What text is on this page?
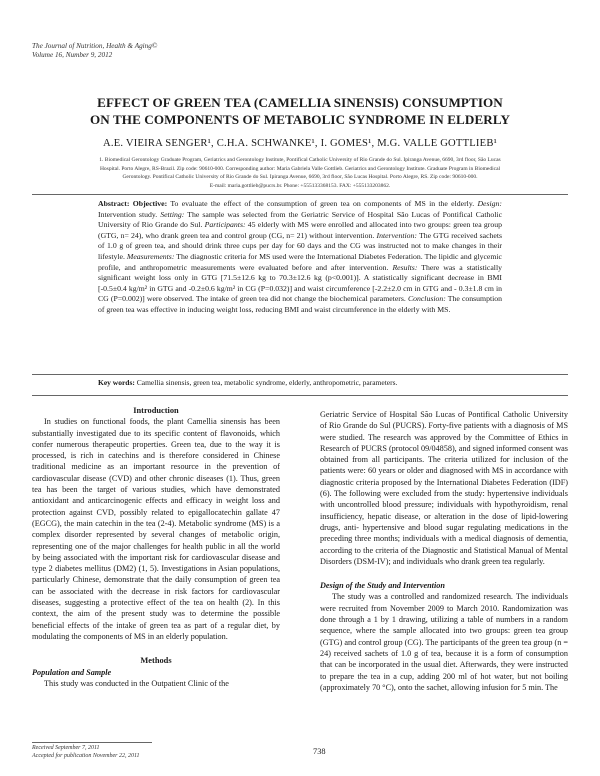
The Journal of Nutrition, Health & Aging©
Volume 16, Number 9, 2012
EFFECT OF GREEN TEA (CAMELLIA SINENSIS) CONSUMPTION
ON THE COMPONENTS OF METABOLIC SYNDROME IN ELDERLY
A.E. VIEIRA SENGER¹, C.H.A. SCHWANKE¹, I. GOMES¹, M.G. VALLE GOTTLIEB¹
1. Biomedical Gerontology Graduate Program, Geriatrics and Gerontology Institute, Pontifical Catholic University of Rio Grande do Sul. Ipiranga Avenue, 6690, 3rd floor, São Lucas
Hospital. Porto Alegre, RS-Brazil. Zip code: 90610-000. Corresponding author: Maria Gabriela Valle Gottlieb. Geriatrics and Gerontology Institute. Graduate Program in Biomedical
Gerontology. Pontifical Catholic University of Rio Grande do Sul. Ipiranga Avenue, 6690, 3rd floor, São Lucas Hospital. Porto Alegre, RS. Zip code: 90610-000.
E-mail: maria.gottlieb@pucrs.br. Phone: +555133368153. FAX: +555133203862.
Abstract: Objective: To evaluate the effect of the consumption of green tea on components of MS in the elderly. Design: Intervention study. Setting: The sample was selected from the Geriatric Service of Hospital São Lucas of Pontifical Catholic University of Rio Grande do Sul. Participants: 45 elderly with MS were enrolled and allocated into two groups: green tea group (GTG, n= 24), who drank green tea and control group (CG, n= 21) without intervention. Intervention: The GTG received sachets of 1.0 g of green tea, and should drink three cups per day for 60 days and the CG was instructed not to make changes in their lifestyle. Measurements: The diagnostic criteria for MS used were the International Diabetes Federation. The lipidic and glycemic profile, and anthropometric measurements were evaluated before and after intervention. Results: There was a statistically significant weight loss only in GTG [71.5±12.6 kg to 70.3±12.6 kg (p<0.001)]. A statistically significant decrease in BMI [-0.5±0.4 kg/m² in GTG and -0.2±0.6 kg/m² in CG (P=0.032)] and waist circumference [-2.2±2.0 cm in GTG and - 0.3±1.8 cm in CG (P=0.002)] were observed. The intake of green tea did not change the biochemical parameters. Conclusion: The consumption of green tea was effective in inducing weight loss, reducing BMI and waist circumference in the elderly with MS.
Key words: Camellia sinensis, green tea, metabolic syndrome, elderly, anthropometric, parameters.

Introduction

In studies on functional foods, the plant Camellia sinensis has been substantially investigated due to its specific content of flavonoids, which confer numerous therapeutic properties. Green tea, due to the way it is processed, is rich in catechins and is therefore considered in Chinese traditional medicine as an important resource in the prevention of cardiovascular disease (CVD) and other chronic diseases (1). Thus, green tea has been the target of various studies, which have demonstrated antioxidant and anticarcinogenic effects and efficacy in weight loss and protection against CVD, possibly related to epigallocatechin gallate 47 (EGCG), the main catechin in the tea (2-4). Metabolic syndrome (MS) is a complex disorder represented by several changes of metabolic origin, representing one of the major challenges for health public in all the world by being associated with the important risk for cardiovascular disease and type 2 diabetes mellitus (DM2) (1, 5). Investigations in Asian populations, particularly Chinese, demonstrate that the daily consumption of green tea can be associated with the decrease in risk factors for cardiovascular diseases, suggesting a protective effect of the tea on health (2). In this context, the aim of the present study was to determine the possible beneficial effects of the intake of green tea as part of a regular diet, by modulating the components of MS in an elderly population.

Methods

Population and Sample

This study was conducted in the Outpatient Clinic of the

Geriatric Service of Hospital São Lucas of Pontifical Catholic University of Rio Grande do Sul (PUCRS). Forty-five patients with a diagnosis of MS were studied. The research was approved by the Committee of Ethics in Research of PUCRS (protocol 09/04858), and signed informed consent was obtained from all participants. The criteria utilized for inclusion of the patients were: 60 years or older and diagnosed with MS in accordance with diagnostic criteria proposed by the International Diabetes Federation (IDF) (6). The following were excluded from the study: hypertensive individuals with uncontrolled blood pressure; individuals with hypothyroidism, renal insufficiency, hepatic disease, or alteration in the dose of lipid-lowering drugs, anti- hypertensive and blood sugar regulating medications in the preceding three months; individuals with a medical diagnosis of dementia, according to the criteria of the Diagnostic and Statistical Manual of Mental Disorders (DSM-IV); and individuals who drank green tea regularly.

Design of the Study and Intervention

The study was a controlled and randomized research. The individuals were recruited from November 2009 to March 2010. Randomization was done through a 1 by 1 drawing, utilizing a table of numbers in a random sequence, where the sample allocated into two groups: green tea group (GTG) and control group (CG). The participants of the green tea group (n = 24) received sachets of 1.0 g of tea, because it is a form of consumption that can be incorporated in the usual diet. Afterwards, they were instructed to prepare the tea in a cup, adding 200 ml of hot water, but not boiling (approximately 70 °C), onto the sachet, allowing infusion for 5 min. The

Received September 7, 2011
Accepted for publication November 22, 2011	738
